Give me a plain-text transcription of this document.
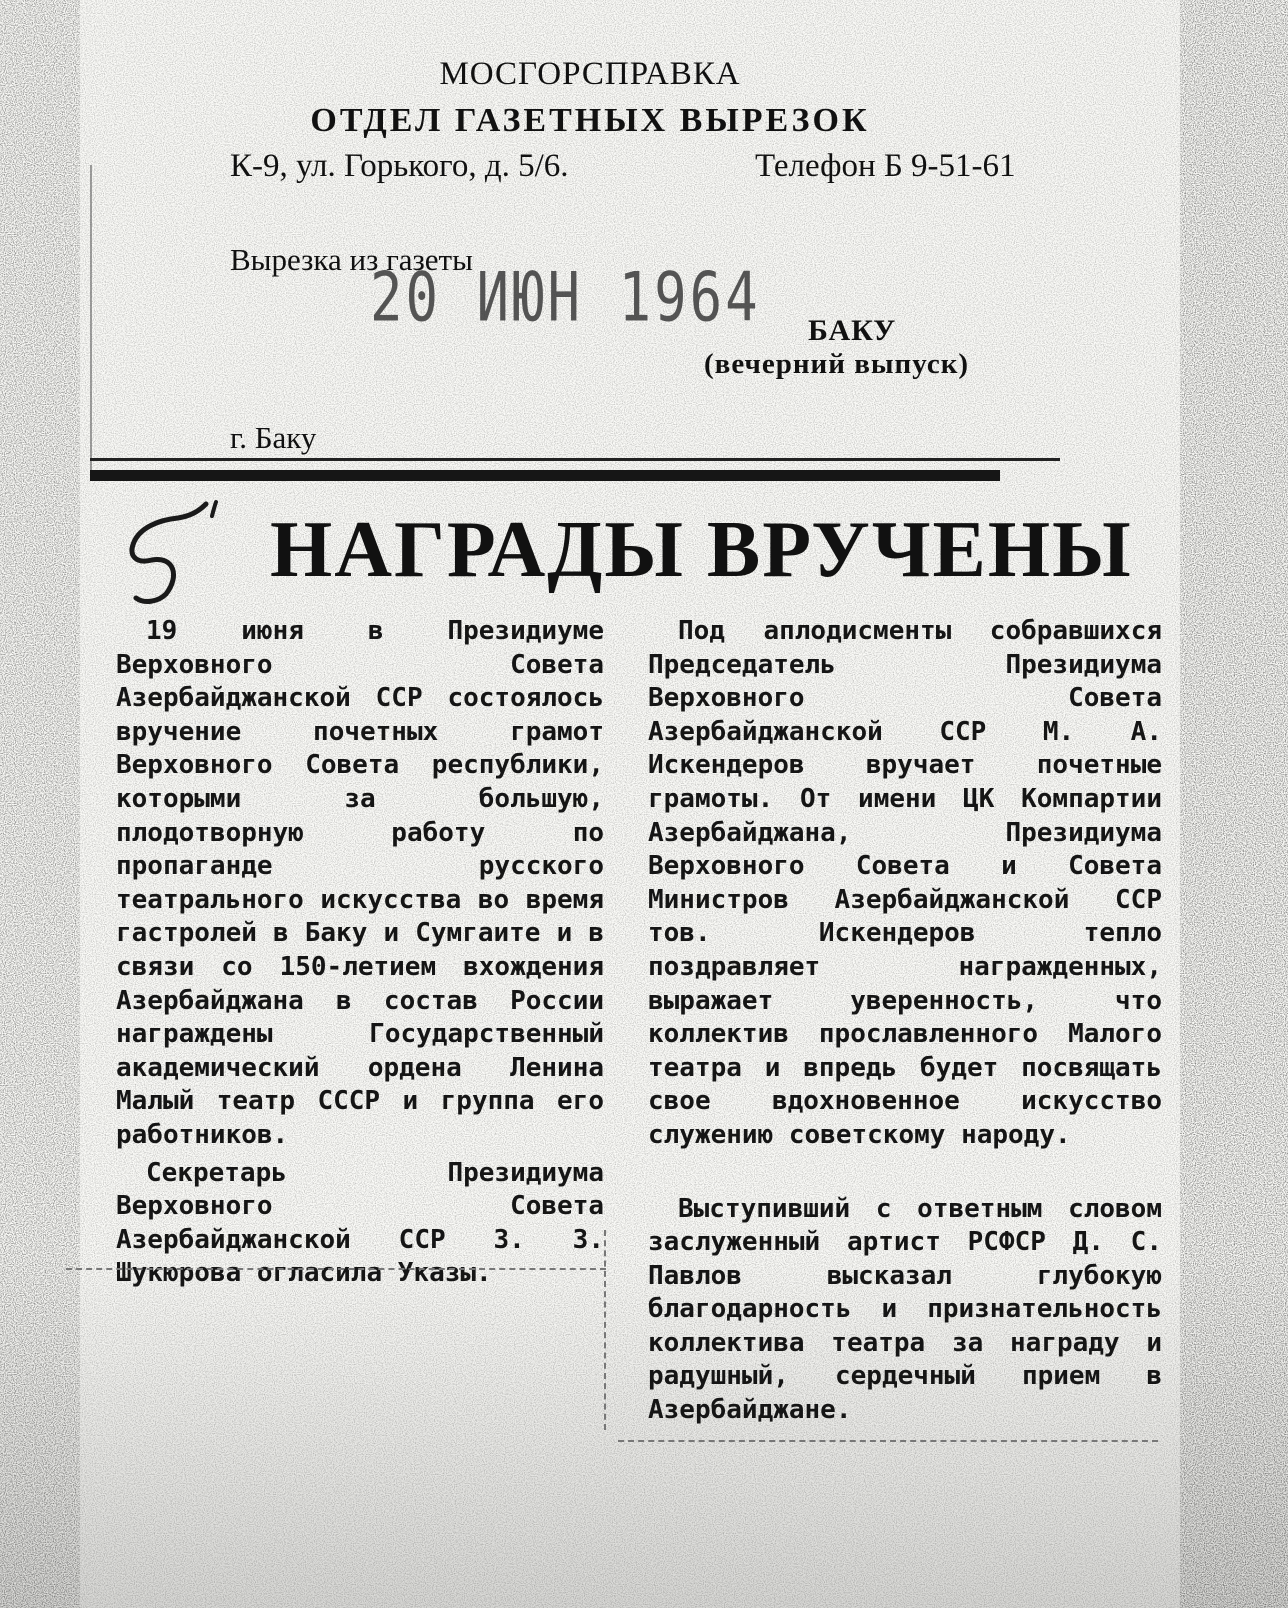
МОСГОРСПРАВКА
ОТДЕЛ ГАЗЕТНЫХ ВЫРЕЗОК
К-9, ул. Горького, д. 5/6.	Телефон Б 9-51-61
Вырезка из газеты
20 ИЮН 1964 БАКУ
(вечерний выпуск)
г. Баку
НАГРАДЫ ВРУЧЕНЫ

19 июня в Президиуме Верховного Совета Азербайджанской ССР состоялось вручение почетных грамот Верховного Совета республики, которыми за большую, плодотворную работу по пропаганде русского театрального искусства во время гастролей в Баку и Сумгаите и в связи со 150-летием вхождения Азербайджана в состав России награждены Государственный академический ордена Ленина Малый театр СССР и группа его работников.

Секретарь Президиума Верховного Совета Азербайджанской ССР З. З. Шукюрова огласила Указы.

Под аплодисменты собравшихся Председатель Президиума Верховного Совета Азербайджанской ССР М. А. Искендеров вручает почетные грамоты. От имени ЦК Компартии Азербайджана, Президиума Верховного Совета и Совета Министров Азербайджанской ССР тов. Искендеров тепло поздравляет награжденных, выражает уверенность, что коллектив прославленного Малого театра и впредь будет посвящать свое вдохновенное искусство служению советскому народу.

Выступивший с ответным словом заслуженный артист РСФСР Д. С. Павлов высказал глубокую благодарность и признательность коллектива театра за награду и радушный, сердечный прием в Азербайджане.
